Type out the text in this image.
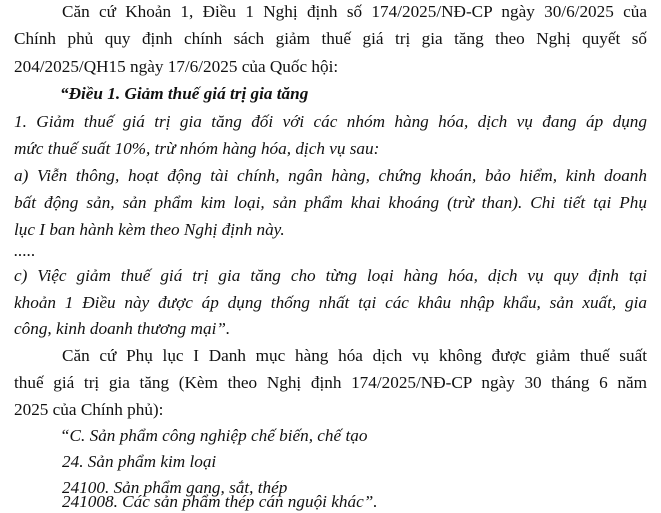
Căn cứ Khoản 1, Điều 1 Nghị định số 174/2025/NĐ-CP ngày 30/6/2025 của
Chính phủ quy định chính sách giảm thuế giá trị gia tăng theo Nghị quyết số
204/2025/QH15 ngày 17/6/2025 của Quốc hội:
“Điều 1. Giảm thuế giá trị gia tăng
1. Giảm thuế giá trị gia tăng đối với các nhóm hàng hóa, dịch vụ đang áp dụng
mức thuế suất 10%, trừ nhóm hàng hóa, dịch vụ sau:
a) Viễn thông, hoạt động tài chính, ngân hàng, chứng khoán, bảo hiểm, kinh doanh
bất động sản, sản phẩm kim loại, sản phẩm khai khoáng (trừ than). Chi tiết tại Phụ
lục I ban hành kèm theo Nghị định này.
.....
c) Việc giảm thuế giá trị gia tăng cho từng loại hàng hóa, dịch vụ quy định tại
khoản 1 Điều này được áp dụng thống nhất tại các khâu nhập khẩu, sản xuất, gia
công, kinh doanh thương mại”.
Căn cứ Phụ lục I Danh mục hàng hóa dịch vụ không được giảm thuế suất
thuế giá trị gia tăng (Kèm theo Nghị định 174/2025/NĐ-CP ngày 30 tháng 6 năm
2025 của Chính phủ):
“C. Sản phẩm công nghiệp chế biến, chế tạo
24. Sản phẩm kim loại
24100. Sản phẩm gang, sắt, thép
241008. Các sản phẩm thép cán nguội khác”.
